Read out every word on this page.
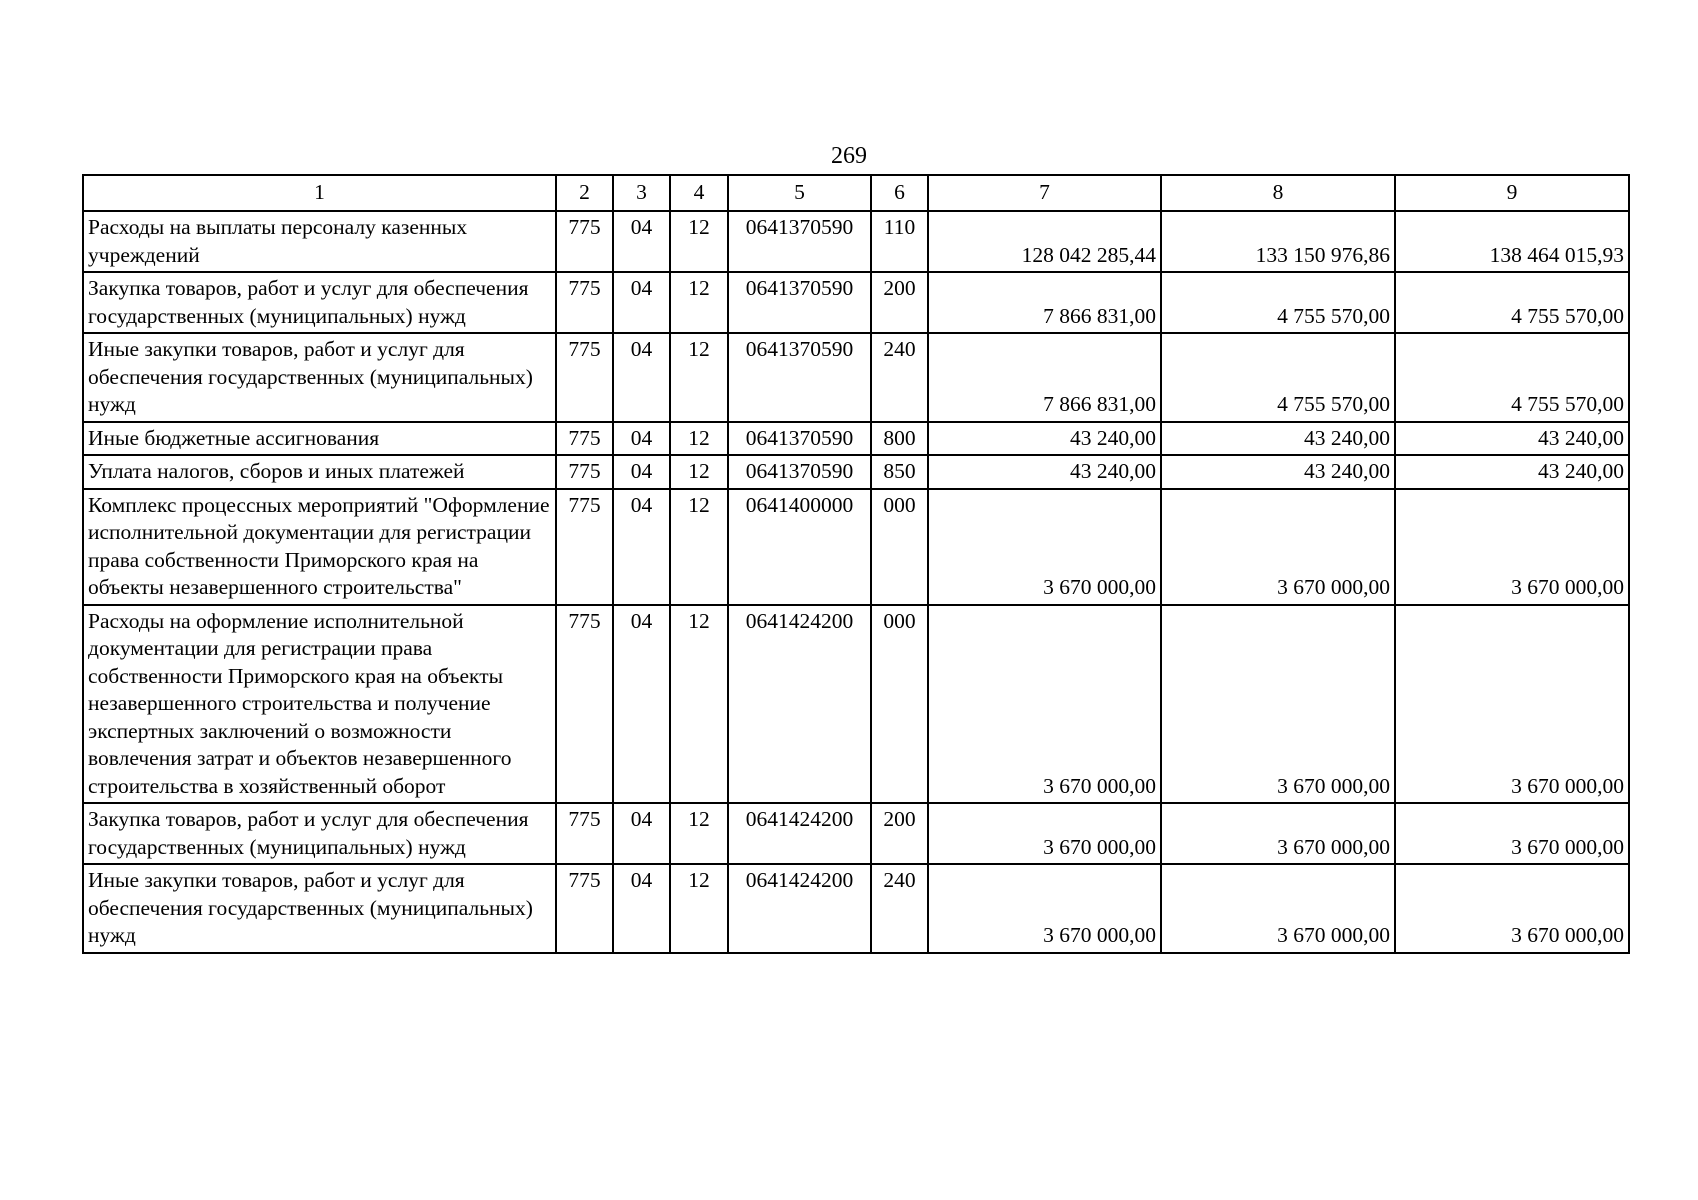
269
1	2	3	4	5	6	7	8	9
Расходы на выплаты персоналу казенных учреждений	775	04	12	0641370590	110	128 042 285,44	133 150 976,86	138 464 015,93
Закупка товаров, работ и услуг для обеспечения государственных (муниципальных) нужд	775	04	12	0641370590	200	7 866 831,00	4 755 570,00	4 755 570,00
Иные закупки товаров, работ и услуг для обеспечения государственных (муниципальных) нужд	775	04	12	0641370590	240	7 866 831,00	4 755 570,00	4 755 570,00
Иные бюджетные ассигнования	775	04	12	0641370590	800	43 240,00	43 240,00	43 240,00
Уплата налогов, сборов и иных платежей	775	04	12	0641370590	850	43 240,00	43 240,00	43 240,00
Комплекс процессных мероприятий "Оформление исполнительной документации для регистрации права собственности Приморского края на объекты незавершенного строительства"	775	04	12	0641400000	000	3 670 000,00	3 670 000,00	3 670 000,00
Расходы на оформление исполнительной документации для регистрации права собственности Приморского края на объекты незавершенного строительства и получение экспертных заключений о возможности вовлечения затрат и объектов незавершенного строительства в хозяйственный оборот	775	04	12	0641424200	000	3 670 000,00	3 670 000,00	3 670 000,00
Закупка товаров, работ и услуг для обеспечения государственных (муниципальных) нужд	775	04	12	0641424200	200	3 670 000,00	3 670 000,00	3 670 000,00
Иные закупки товаров, работ и услуг для обеспечения государственных (муниципальных) нужд	775	04	12	0641424200	240	3 670 000,00	3 670 000,00	3 670 000,00
